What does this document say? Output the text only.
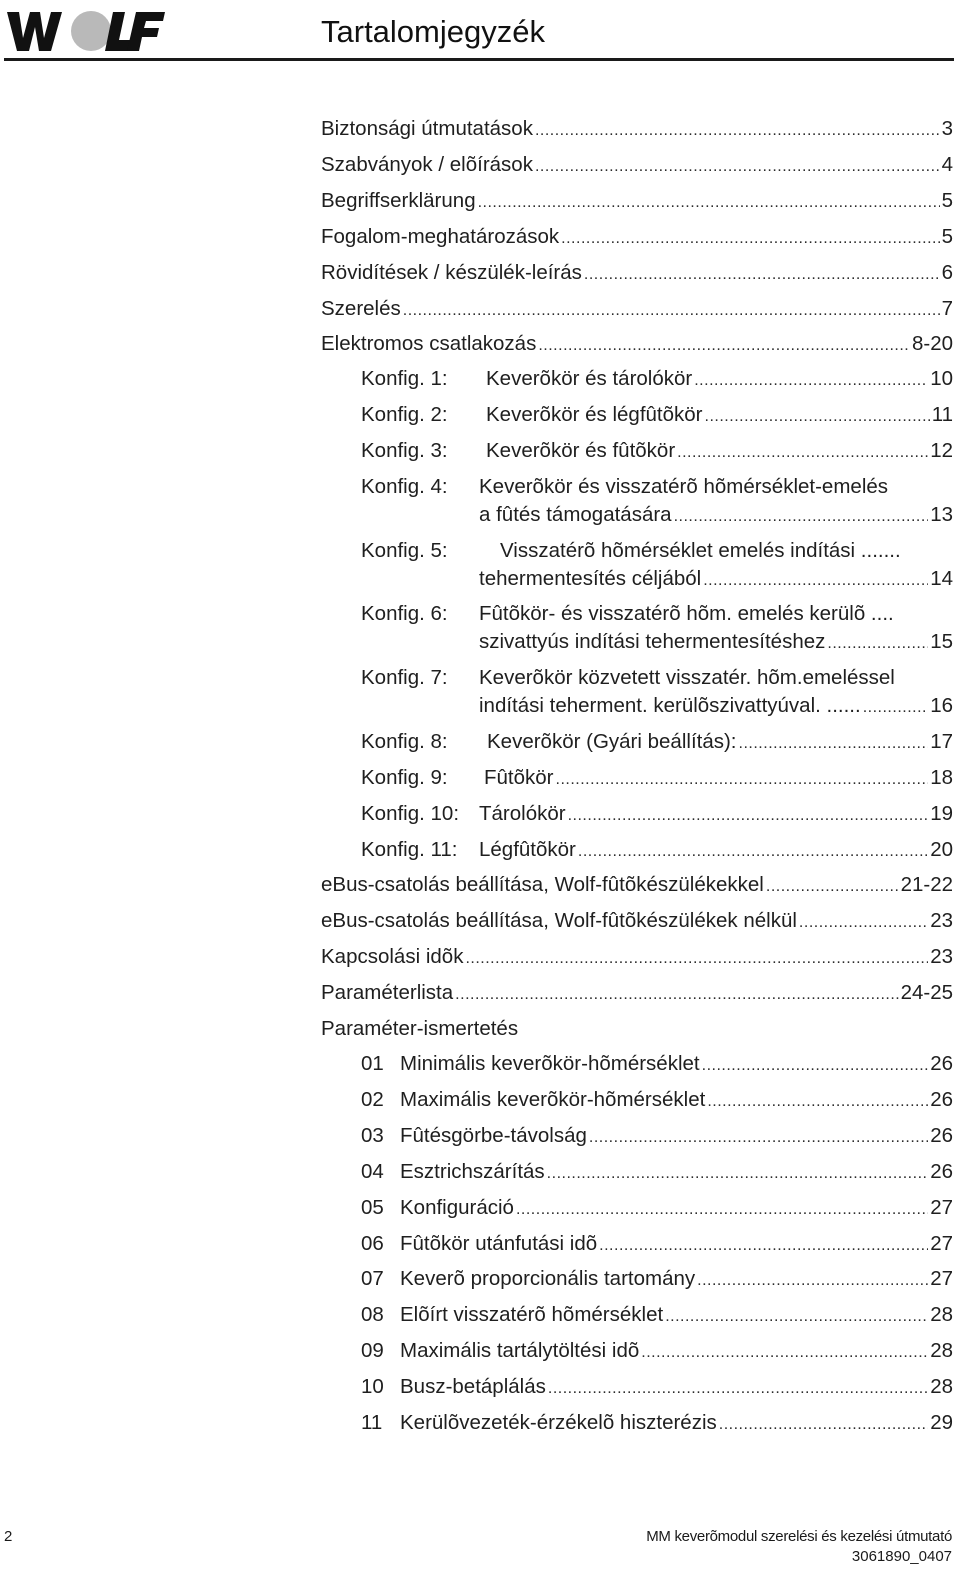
Tartalomjegyzék
Biztonsági útmutatások .....	3
Szabványok / elõírások .....	4
Begriffserklärung .....	5
Fogalom-meghatározások .....	5
Rövidítések / készülék-leírás .....	6
Szerelés .....	7
Elektromos csatlakozás .....	8-20
Konfig. 1: Keverõkör és tárolókör .....	10
Konfig. 2: Keverõkör és légfûtõkör .....	11
Konfig. 3: Keverõkör és fûtõkör .....	12
Konfig. 4: Keverõkör és visszatérõ hõmérséklet-emelés
a fûtés támogatására .....	13
Konfig. 5:	Visszatérõ hõmérséklet emelés indítási .......
tehermentesítés céljából .....	14
Konfig. 6: Fûtõkör- és visszatérõ hõm. emelés kerülõ ....
szivattyús indítási tehermentesítéshez .....	15
Konfig. 7: Keverõkör közvetett visszatér. hõm.emeléssel
indítási teherment. kerülõszivattyúval. ...... .....	16
Konfig. 8: Keverõkör (Gyári beállítás): .....	17
Konfig. 9: Fûtõkör .....	18
Konfig. 10: Tárolókör .....	19
Konfig. 11: Légfûtõkör .....	20
eBus-csatolás beállítása, Wolf-fûtõkészülékekkel .....	21-22
eBus-csatolás beállítása, Wolf-fûtõkészülékek nélkül .....	23
Kapcsolási idõk .....	23
Paraméterlista .....	24-25
Paraméter-ismertetés
01 Minimális keverõkör-hõmérséklet .....	26
02 Maximális keverõkör-hõmérséklet .....	26
03 Fûtésgörbe-távolság .....	26
04 Esztrichszárítás .....	26
05 Konfiguráció .....	27
06 Fûtõkör utánfutási idõ .....	27
07 Keverõ proporcionális tartomány .....	27
08 Elõírt visszatérõ hõmérséklet .....	28
09 Maximális tartálytöltési idõ .....	28
10 Busz-betáplálás .....	28
11 Kerülõvezeték-érzékelõ hiszterézis .....	29
2	MM keverõmodul szerelési és kezelési útmutató
3061890_0407
